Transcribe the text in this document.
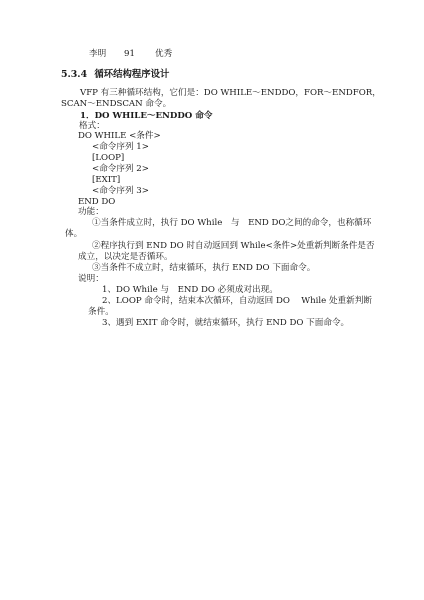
李明 91 优秀
5.3.4 循环结构程序设计
VFP 有三种循环结构，它们是：DO WHILE～ENDDO，FOR～ENDFOR，
SCAN～ENDSCAN 命令。
1．DO WHILE～ENDDO 命令
格式：
DO WHILE <条件>
<命令序列 1>
[LOOP]
<命令序列 2>
[EXIT]
<命令序列 3>
END DO
功能：
①当条件成立时，执行 DO While　与　END DO之间的命令，也称循环
体。
②程序执行到 END DO 时自动返回到 While<条件>处重新判断条件是否
成立，以决定是否循环。
③当条件不成立时，结束循环，执行 END DO 下面命令。
说明：
1、DO While 与　END DO 必须成对出现。
2、LOOP 命令时，结束本次循环，自动返回 DO　 While 处重新判断
条件。
3、遇到 EXIT 命令时，就结束循环，执行 END DO 下面命令。
